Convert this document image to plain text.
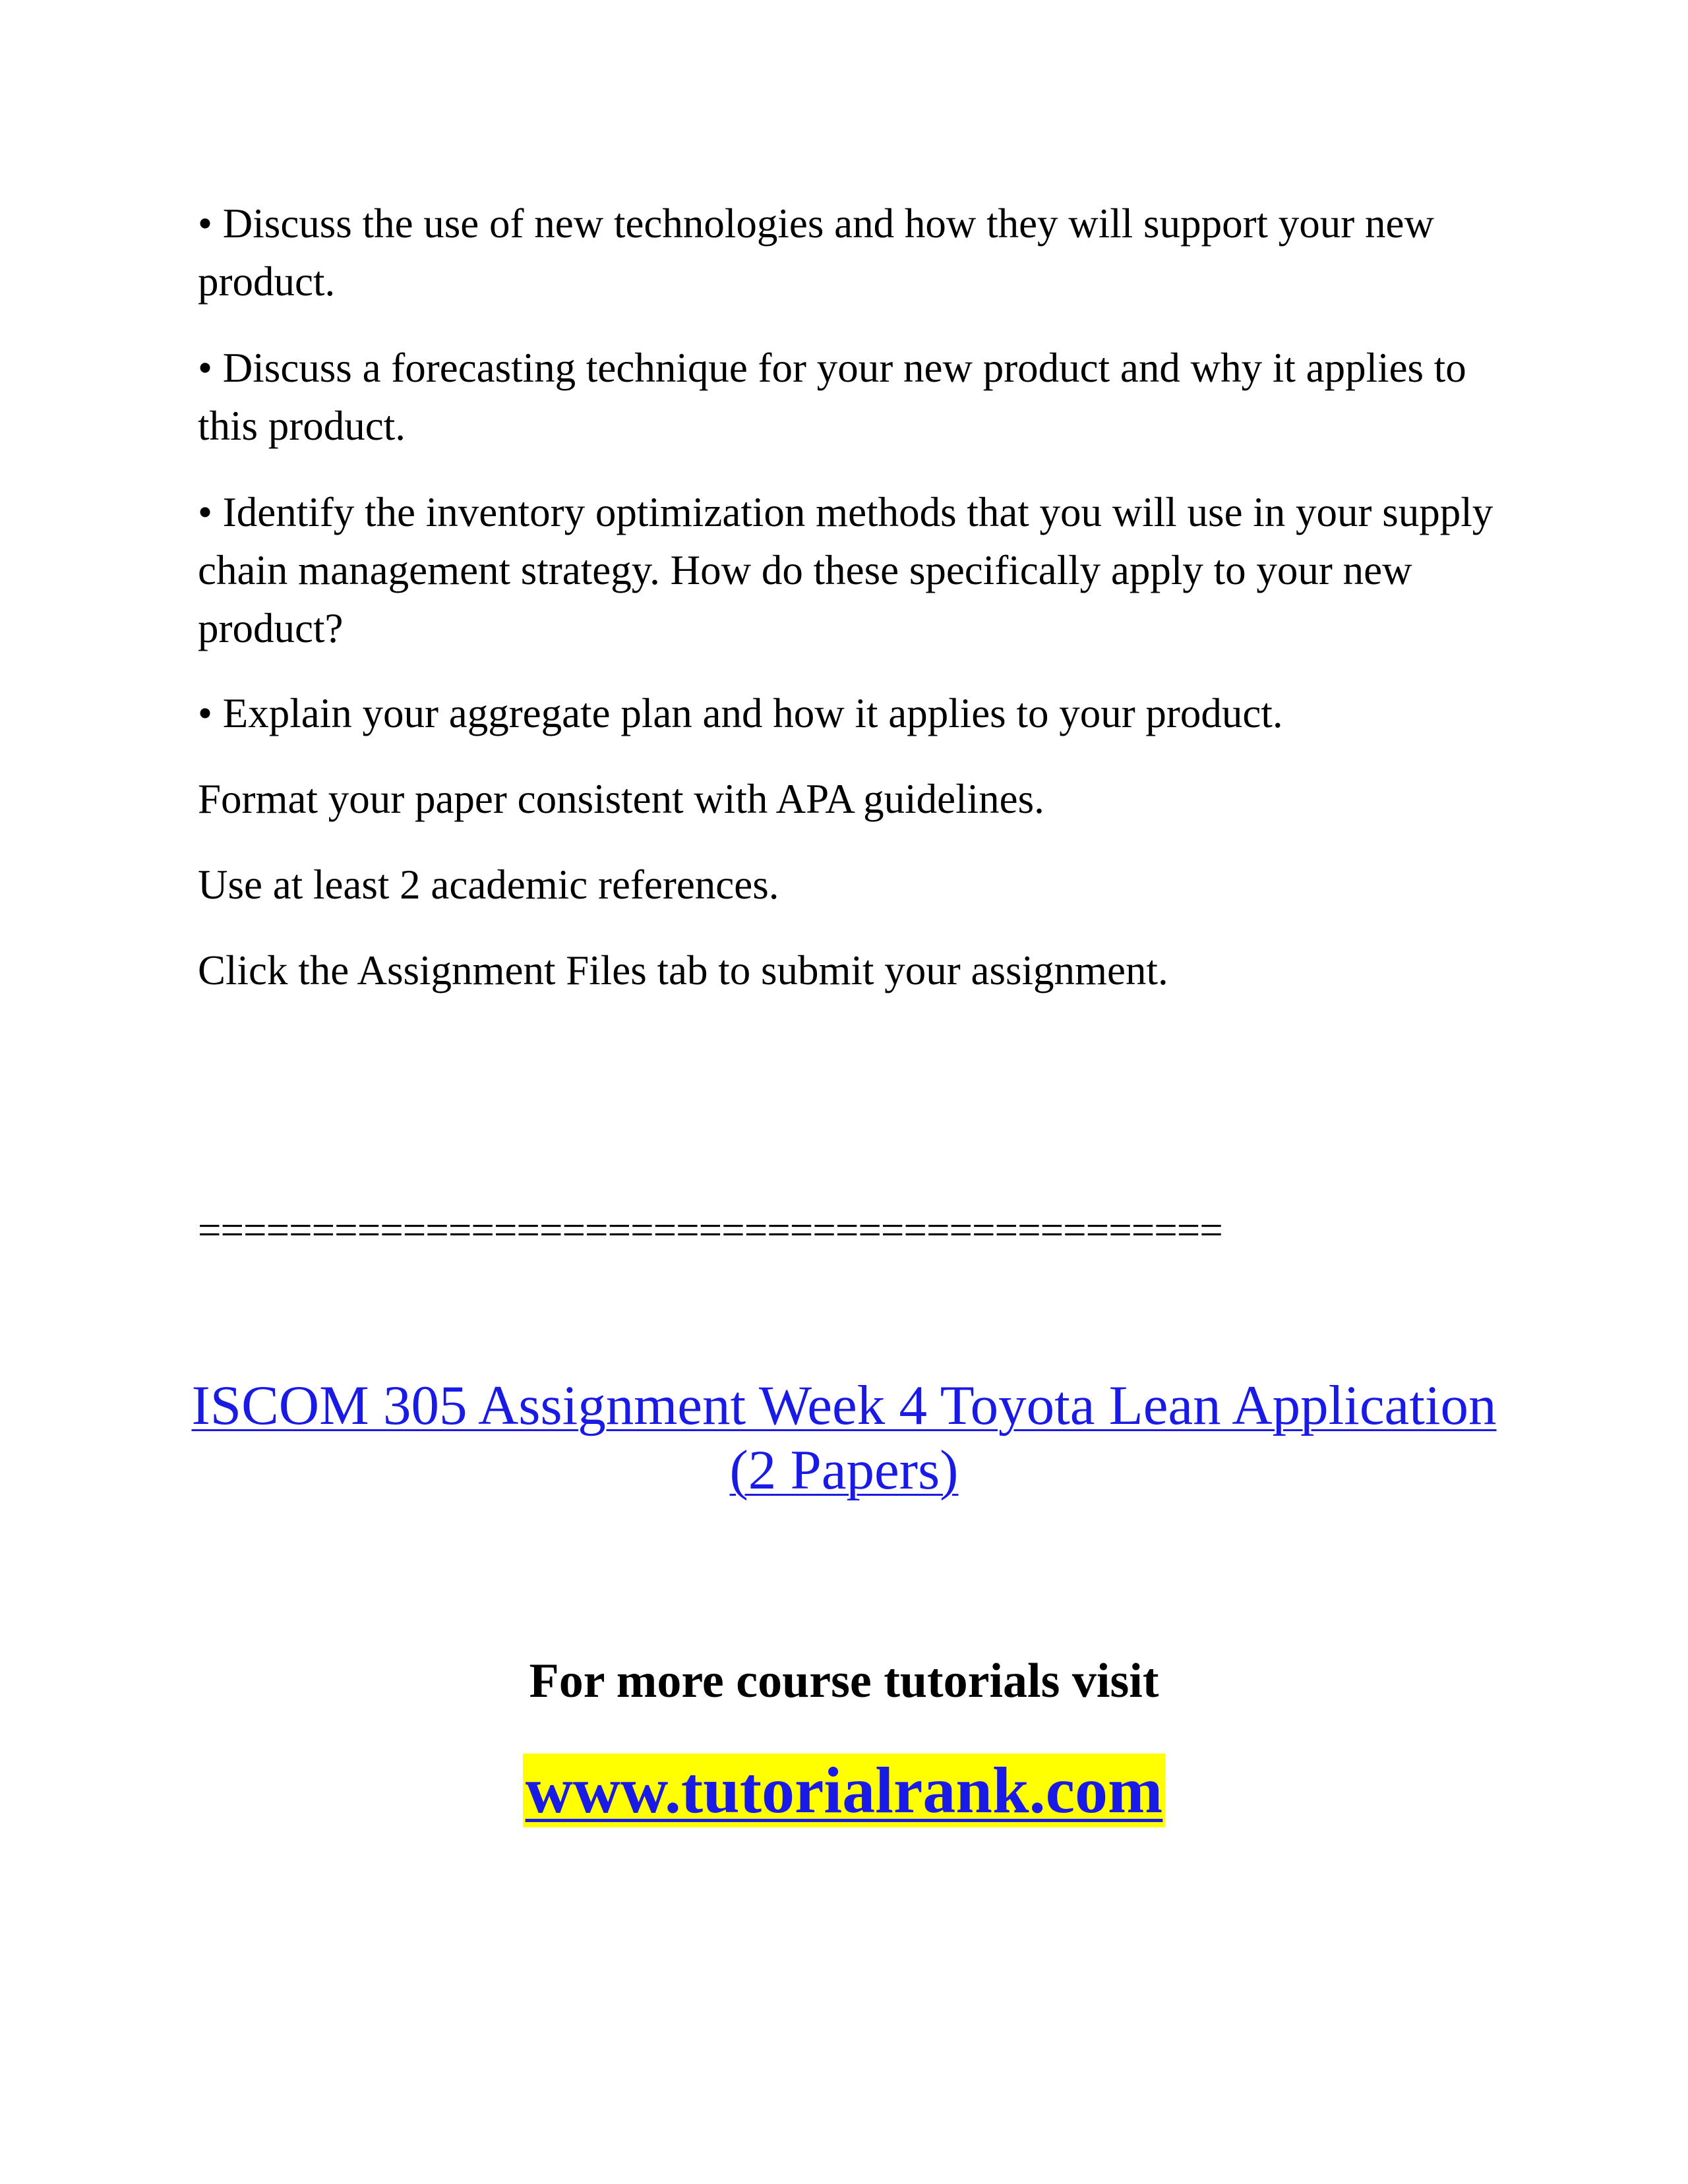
• Discuss the use of new technologies and how they will support your new product.

• Discuss a forecasting technique for your new product and why it applies to this product.

• Identify the inventory optimization methods that you will use in your supply chain management strategy. How do these specifically apply to your new product?

• Explain your aggregate plan and how it applies to your product.

Format your paper consistent with APA guidelines.

Use at least 2 academic references.

Click the Assignment Files tab to submit your assignment.

=============================================

ISCOM 305 Assignment Week 4 Toyota Lean Application (2 Papers)

For more course tutorials visit

www.tutorialrank.com
